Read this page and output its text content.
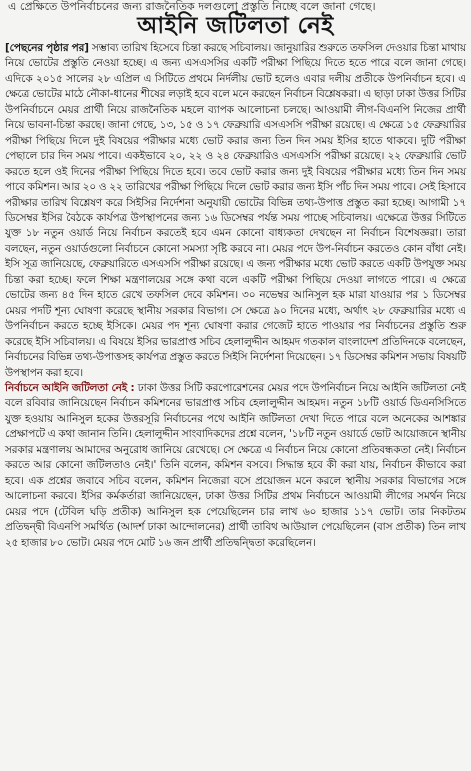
এ প্রেক্ষিতে উপনির্বাচনের জন্য রাজনৈতিক দলগুলো প্রস্তুতি নিচ্ছে বলে জানা গেছে।
আইনি জটিলতা নেই

[পেছনের পৃষ্ঠার পর] সম্ভাব্য তারিখ হিসেবে চিন্তা করছে সচিবালয়। জানুয়ারির শুরুতে তফসিল দেওয়ার চিন্তা মাথায় নিয়ে ভোটের প্রস্তুতি নেওয়া হচ্ছে। এ জন্য এসএসসির একটি পরীক্ষা পিছিয়ে দিতে হতে পারে বলে জানা গেছে। এদিকে ২০১৫ সালের ২৮ এপ্রিল এ সিটিতে প্রথমে নির্দলীয় ভোট হলেও এবার দলীয় প্রতীকে উপনির্বাচন হবে। এ ক্ষেত্রে ভোটের মাঠে নৌকা-ধানের শীষের লড়াই হবে বলে মনে করছেন নির্বাচন বিশ্লেষকরা। এ ছাড়া ঢাকা উত্তর সিটির উপনির্বাচনে মেয়র প্রার্থী নিয়ে রাজনৈতিক মহলে ব্যাপক আলোচনা চলছে। আওয়ামী লীগ-বিএনপি নিজের প্রার্থী নিয়ে ভাবনা-চিন্তা করছে। জানা গেছে, ১৩, ১৫ ও ১৭ ফেব্রুয়ারি এসএসসি পরীক্ষা রয়েছে। এ ক্ষেত্রে ১৫ ফেব্রুয়ারির পরীক্ষা পিছিয়ে দিলে দুই বিষয়ের পরীক্ষার মধ্যে ভোট করার জন্য তিন দিন সময় ইসির হাতে থাকবে। দুটি পরীক্ষা পেছালে চার দিন সময় পাবে। একইভাবে ২০, ২২ ও ২৪ ফেব্রুয়ারিও এসএসসি পরীক্ষা রয়েছে। ২২ ফেব্রুয়ারি ভোট করতে হলে ওই দিনের পরীক্ষা পিছিয়ে দিতে হবে। তবে ভোট করার জন্য দুই বিষয়ের পরীক্ষার মধ্যে তিন দিন সময় পাবে কমিশন। আর ২০ ও ২২ তারিখের পরীক্ষা পিছিয়ে দিলে ভোট করার জন্য ইসি পাঁচ দিন সময় পাবে। সেই হিসাবে পরীক্ষার তারিখ বিশ্লেষণ করে সিইসির নির্দেশনা অনুযায়ী ভোটের বিভিন্ন তথ্য-উপাত্ত প্রস্তুত করা হচ্ছে। আগামী ১৭ ডিসেম্বর ইসির বৈঠকে কার্যপত্র উপস্থাপনের জন্য ১৬ ডিসেম্বর পর্যন্ত সময় পাচ্ছে সচিবালয়। এক্ষেত্রে উত্তর সিটিতে যুক্ত ১৮ নতুন ওয়ার্ড নিয়ে নির্বাচন করতেই হবে এমন কোনো বাধ্যকতা দেখছেন না নির্বাচন বিশেষজ্ঞরা। তারা বলছেন, নতুন ওয়ার্ডগুলো নির্বাচনে কোনো সমস্যা সৃষ্টি করবে না। মেয়র পদে উপ-নির্বাচন করতেও কোন বাঁধা নেই। ইসি সূত্র জানিয়েছে, ফেব্রুয়ারিতে এসএসসি পরীক্ষা রয়েছে। এ জন্য পরীক্ষার মধ্যে ভোট করতে একটি উপযুক্ত সময় চিন্তা করা হচ্ছে। ফলে শিক্ষা মন্ত্রণালয়ের সঙ্গে কথা বলে একটি পরীক্ষা পিছিয়ে দেওয়া লাগতে পারে। এ ক্ষেত্রে ভোটের জন্য ৪৫ দিন হাতে রেখে তফসিল দেবে কমিশন। ৩০ নভেম্বর আনিসুল হক মারা যাওয়ার পর ১ ডিসেম্বর মেয়র পদটি শূন্য ঘোষণা করেছে স্থানীয় সরকার বিভাগ। সে ক্ষেত্রে ৯০ দিনের মধ্যে, অর্থাৎ ২৮ ফেব্রুয়ারির মধ্যে এ উপনির্বাচন করতে হচ্ছে ইসিকে। মেয়র পদ শূন্য ঘোষণা করার গেজেট হাতে পাওয়ার পর নির্বাচনের প্রস্তুতি শুরু করেছে ইসি সচিবালয়। এ বিষয়ে ইসির ভারপ্রাপ্ত সচিব হেলালুদ্দীন আহমদ গতকাল বাংলাদেশ প্রতিদিনকে বলেছেন, নির্বাচনের বিভিন্ন তথ্য-উপাত্তসহ কার্যপত্র প্রস্তুত করতে সিইসি নির্দেশনা দিয়েছেন। ১৭ ডিসেম্বর কমিশন সভায় বিষয়টি উপস্থাপন করা হবে।

নির্বাচনে আইনি জটিলতা নেই : ঢাকা উত্তর সিটি করপোরেশনের মেয়র পদে উপনির্বাচন নিয়ে আইনি জটিলতা নেই বলে রবিবার জানিয়েছেন নির্বাচন কমিশনের ভারপ্রাপ্ত সচিব হেলালুদ্দীন আহমদ। নতুন ১৮টি ওয়ার্ড ডিএনসিসিতে যুক্ত হওয়ায় আনিসুল হকের উত্তরসূরি নির্বাচনের পথে আইনি জটিলতা দেখা দিতে পারে বলে অনেকের আশঙ্কার প্রেক্ষাপটে এ কথা জানান তিনি। হেলালুদ্দীন সাংবাদিকদের প্রশ্নে বলেন, '১৮টি নতুন ওয়ার্ডে ভোট আয়োজনে স্থানীয় সরকার মন্ত্রণালয় আমাদের অনুরোধ জানিয়ে রেখেছে। সে ক্ষেত্রে এ নির্বাচন নিয়ে কোনো প্রতিবন্ধকতা নেই। নির্বাচন করতে আর কোনো জটিলতাও নেই।' তিনি বলেন, কমিশন বসবে। সিদ্ধান্ত হবে কী করা যায়, নির্বাচন কীভাবে করা হবে। এক প্রশ্নের জবাবে সচিব বলেন, কমিশন নিজেরা বসে প্রয়োজন মনে করলে স্থানীয় সরকার বিভাগের সঙ্গে আলোচনা করবে। ইসির কর্মকর্তারা জানিয়েছেন, ঢাকা উত্তর সিটির প্রথম নির্বাচনে আওয়ামী লীগের সমর্থন নিয়ে মেয়র পদে (টেবিল ঘড়ি প্রতীক) আনিসুল হক পেয়েছিলেন চার লাখ ৬০ হাজার ১১৭ ভোট। তার নিকটতম প্রতিদ্বন্দ্বী বিএনপি সমর্থিত (আদর্শ ঢাকা আন্দোলনের) প্রার্থী তাবিথ আউয়াল পেয়েছিলেন (বাস প্রতীক) তিন লাখ ২৫ হাজার ৮০ ভোট। মেয়র পদে মোট ১৬ জন প্রার্থী প্রতিদ্বন্দ্বিতা করেছিলেন।
